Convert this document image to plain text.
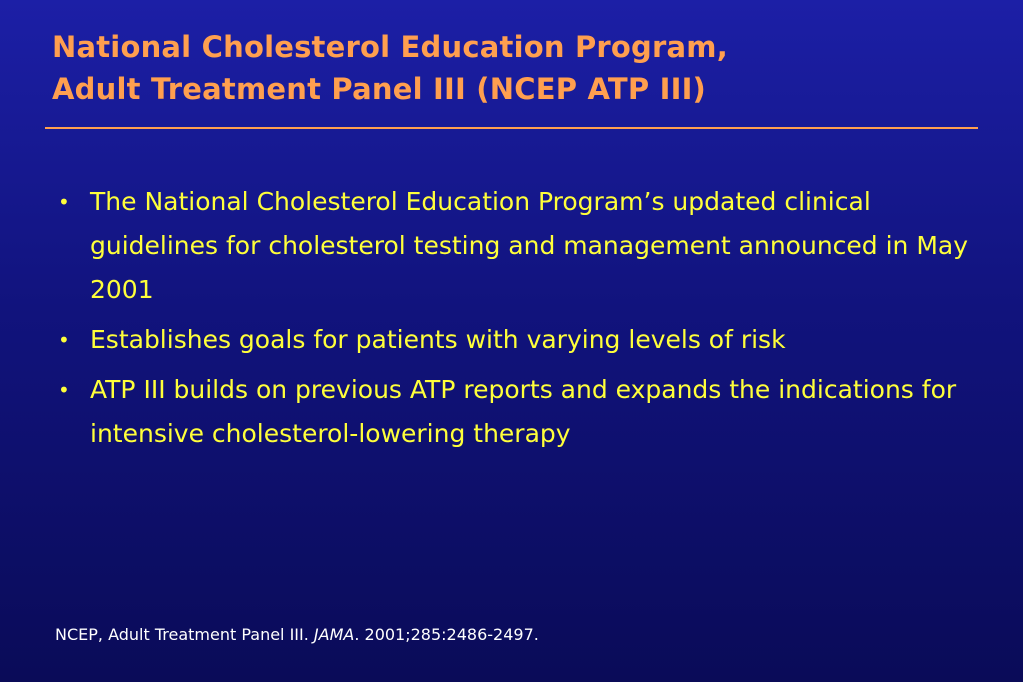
National Cholesterol Education Program,
Adult Treatment Panel III (NCEP ATP III)
• The National Cholesterol Education Program’s updated clinical guidelines for cholesterol testing and management announced in May 2001
• Establishes goals for patients with varying levels of risk
• ATP III builds on previous ATP reports and expands the indications for intensive cholesterol-lowering therapy
NCEP, Adult Treatment Panel III. JAMA. 2001;285:2486-2497.
